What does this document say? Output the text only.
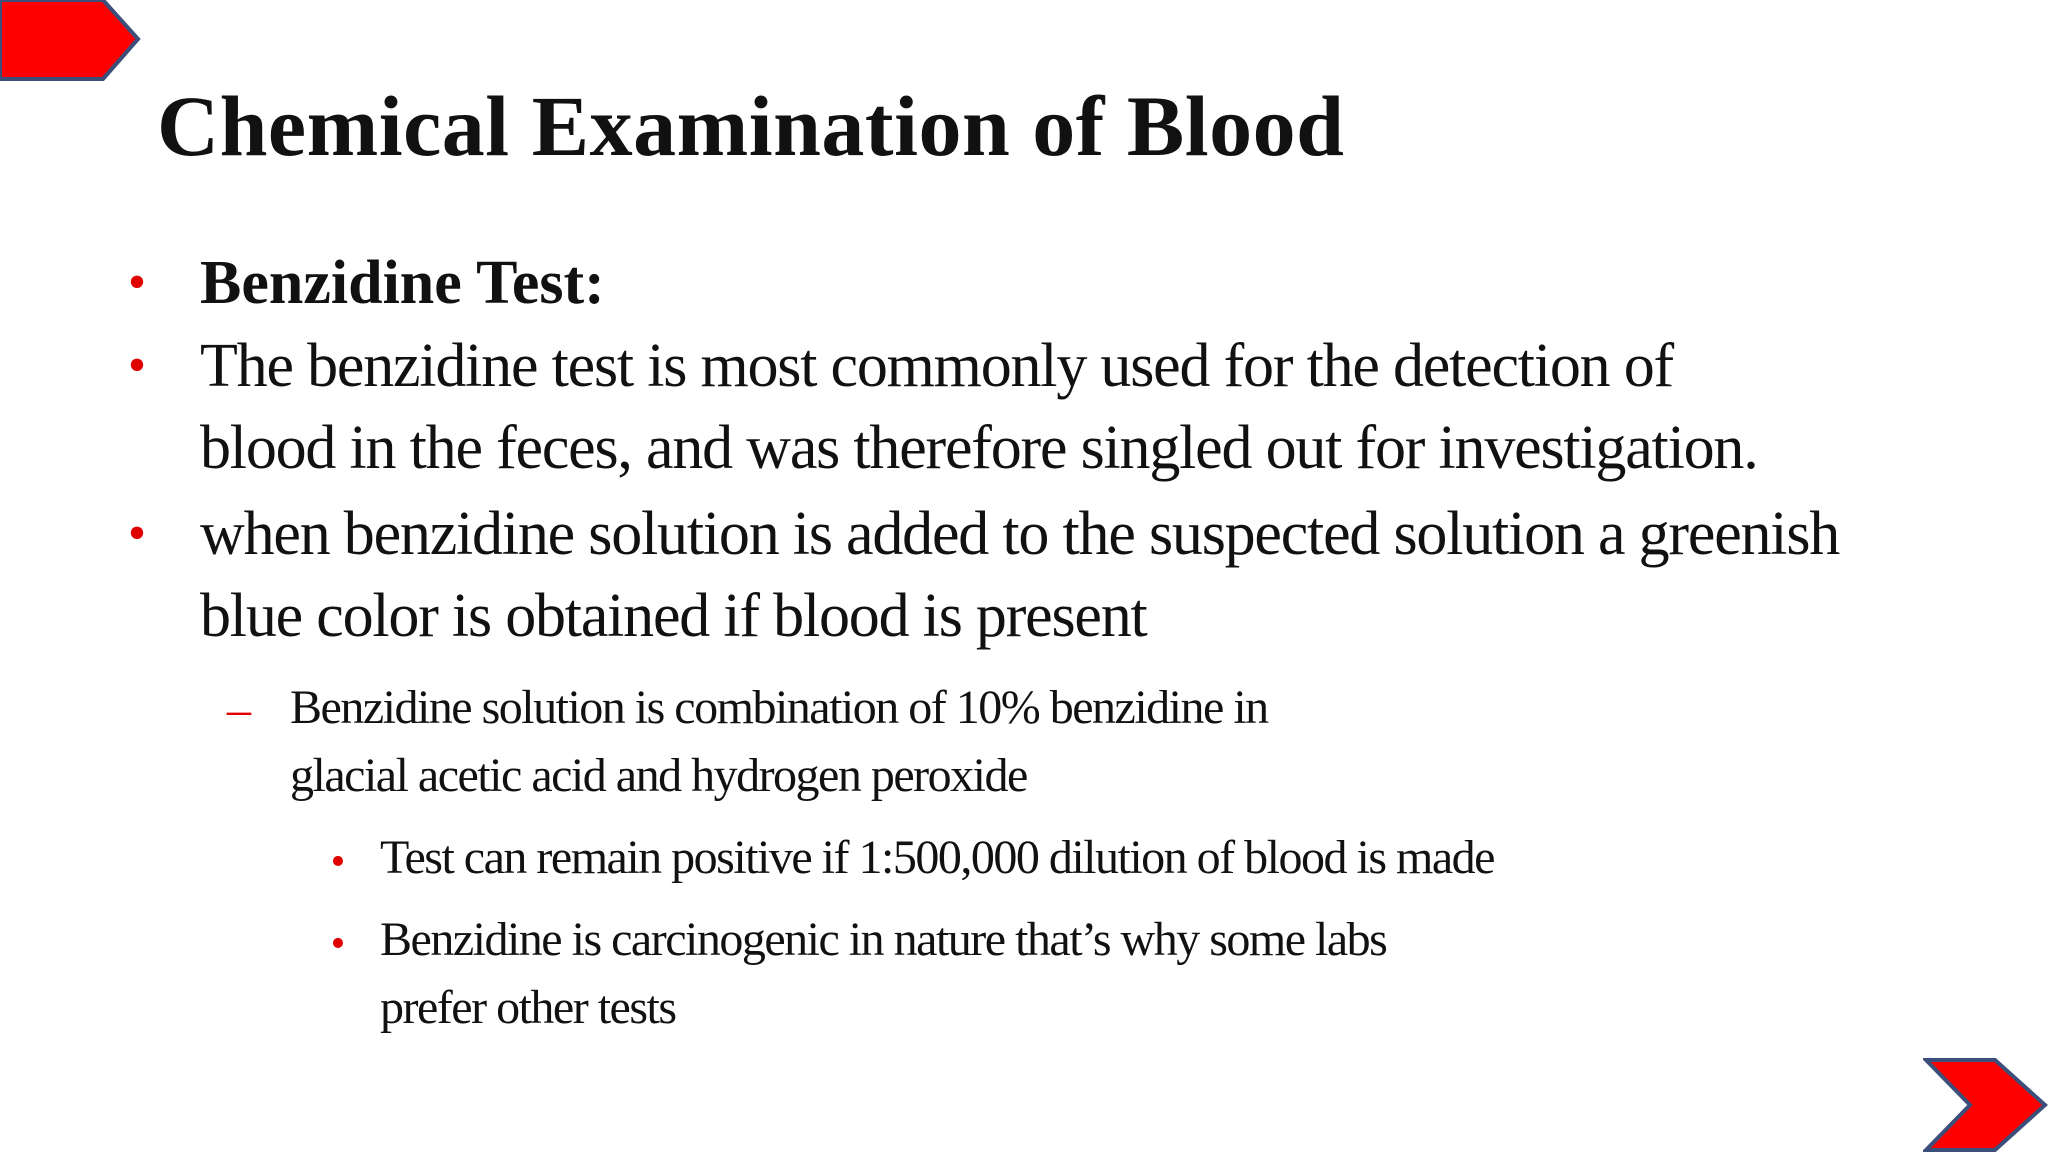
Chemical Examination of Blood
• Benzidine Test:
• The benzidine test is most commonly used for the detection of
blood in the feces, and was therefore singled out for investigation.
• when benzidine solution is added to the suspected solution a greenish
blue color is obtained if blood is present
– Benzidine solution is combination of 10% benzidine in
glacial acetic acid and hydrogen peroxide
• Test can remain positive if 1:500,000 dilution of blood is made
• Benzidine is carcinogenic in nature that’s why some labs
prefer other tests
